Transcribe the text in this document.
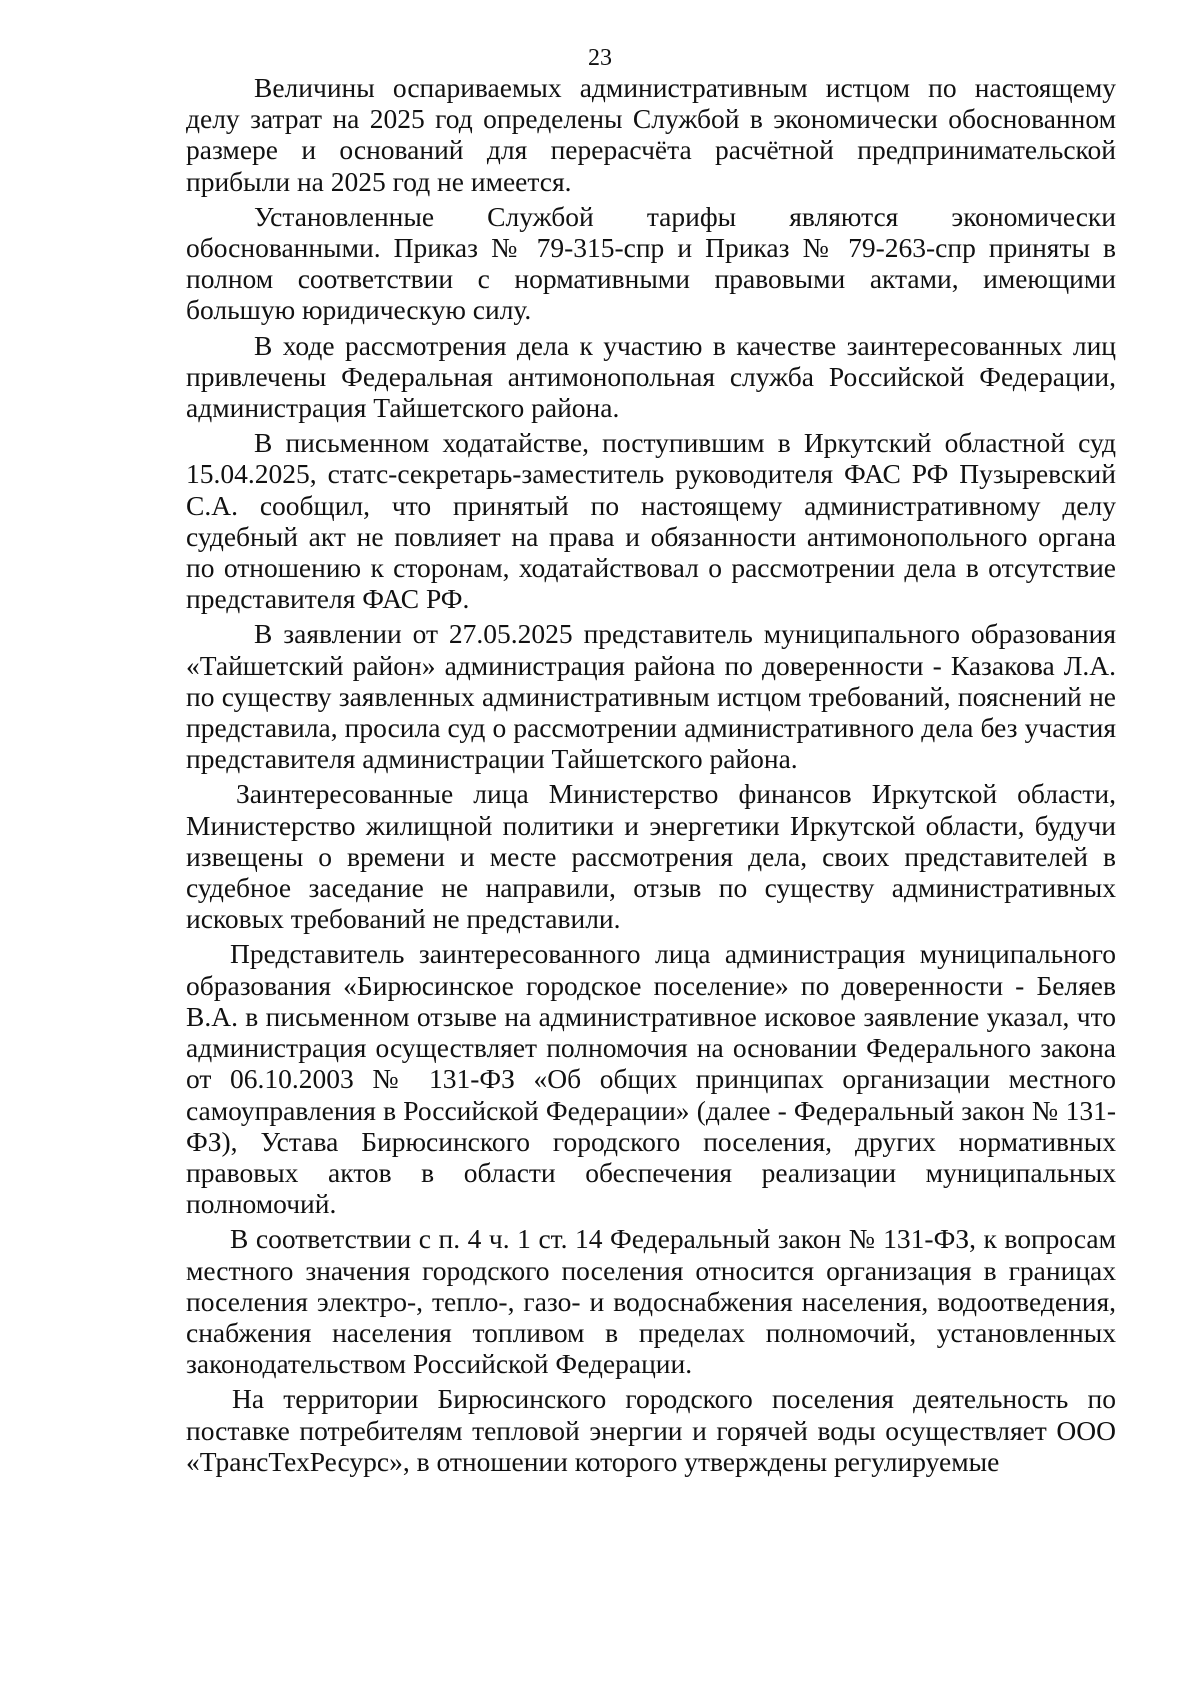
23

Величины оспариваемых административным истцом по настоящему делу затрат на 2025 год определены Службой в экономически обоснованном размере и оснований для перерасчёта расчётной предпринимательской прибыли на 2025 год не имеется.

Установленные Службой тарифы являются экономически обоснованными. Приказ № 79-315-спр и Приказ № 79-263-спр приняты в полном соответствии с нормативными правовыми актами, имеющими большую юридическую силу.

В ходе рассмотрения дела к участию в качестве заинтересованных лиц привлечены Федеральная антимонопольная служба Российской Федерации, администрация Тайшетского района.

В письменном ходатайстве, поступившим в Иркутский областной суд 15.04.2025, статс-секретарь-заместитель руководителя ФАС РФ Пузыревский С.А. сообщил, что принятый по настоящему административному делу судебный акт не повлияет на права и обязанности антимонопольного органа по отношению к сторонам, ходатайствовал о рассмотрении дела в отсутствие представителя ФАС РФ.

В заявлении от 27.05.2025 представитель муниципального образования «Тайшетский район» администрация района по доверенности - Казакова Л.А. по существу заявленных административным истцом требований, пояснений не представила, просила суд о рассмотрении административного дела без участия представителя администрации Тайшетского района.

Заинтересованные лица Министерство финансов Иркутской области, Министерство жилищной политики и энергетики Иркутской области, будучи извещены о времени и месте рассмотрения дела, своих представителей в судебное заседание не направили, отзыв по существу административных исковых требований не представили.

Представитель заинтересованного лица администрация муниципального образования «Бирюсинское городское поселение» по доверенности - Беляев В.А. в письменном отзыве на административное исковое заявление указал, что администрация осуществляет полномочия на основании Федерального закона от 06.10.2003 № 131-ФЗ «Об общих принципах организации местного самоуправления в Российской Федерации» (далее - Федеральный закон № 131-ФЗ), Устава Бирюсинского городского поселения, других нормативных правовых актов в области обеспечения реализации муниципальных полномочий.

В соответствии с п. 4 ч. 1 ст. 14 Федеральный закон № 131-ФЗ, к вопросам местного значения городского поселения относится организация в границах поселения электро-, тепло-, газо- и водоснабжения населения, водоотведения, снабжения населения топливом в пределах полномочий, установленных законодательством Российской Федерации.

На территории Бирюсинского городского поселения деятельность по поставке потребителям тепловой энергии и горячей воды осуществляет ООО «ТрансТехРесурс», в отношении которого утверждены регулируемые
